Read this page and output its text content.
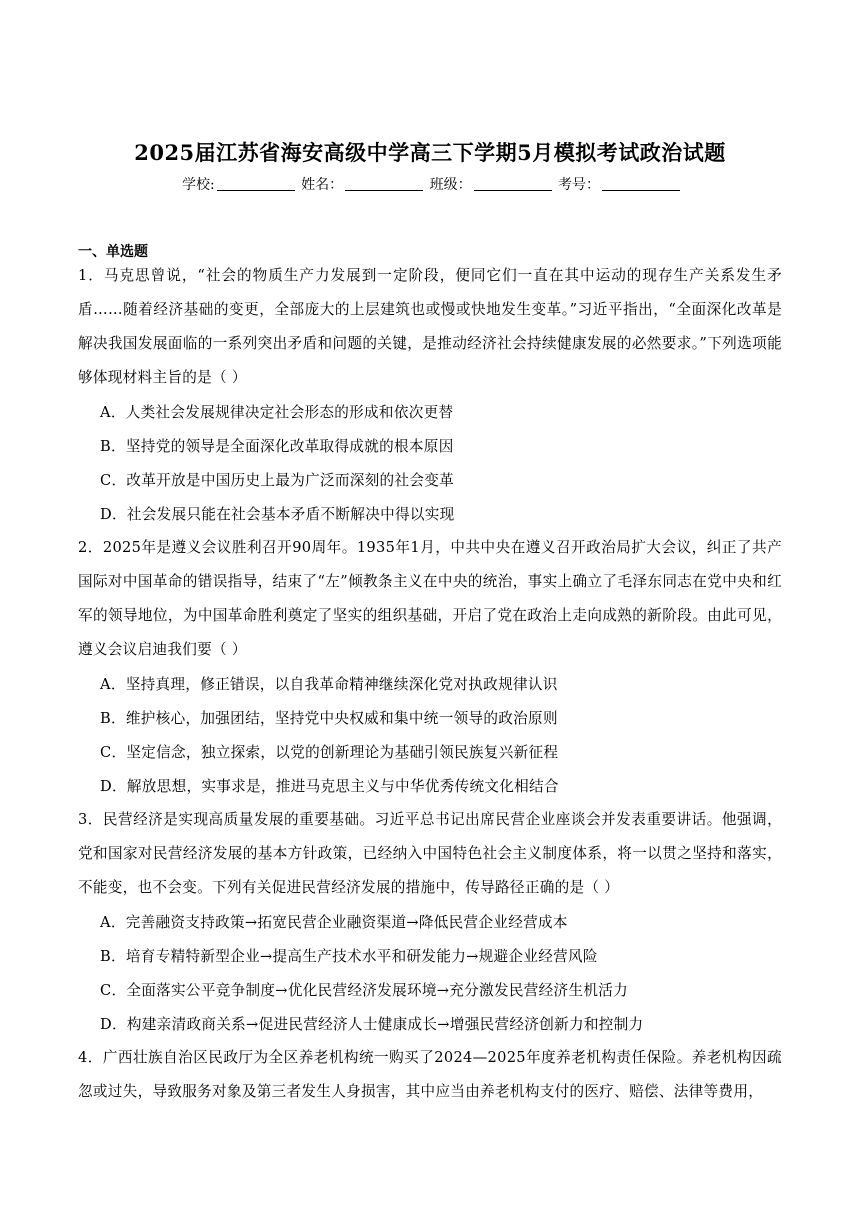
2025届江苏省海安高级中学高三下学期5月模拟考试政治试题
学校:	姓名：	班级：	考号：
一、单选题
1．马克思曾说，“社会的物质生产力发展到一定阶段，便同它们一直在其中运动的现存生产关系发生矛盾……随着经济基础的变更，全部庞大的上层建筑也或慢或快地发生变革。”习近平指出，“全面深化改革是解决我国发展面临的一系列突出矛盾和问题的关键，是推动经济社会持续健康发展的必然要求。”下列选项能够体现材料主旨的是（ ）
A．人类社会发展规律决定社会形态的形成和依次更替
B．坚持党的领导是全面深化改革取得成就的根本原因
C．改革开放是中国历史上最为广泛而深刻的社会变革
D．社会发展只能在社会基本矛盾不断解决中得以实现
2．2025年是遵义会议胜利召开90周年。1935年1月，中共中央在遵义召开政治局扩大会议，纠正了共产国际对中国革命的错误指导，结束了“左”倾教条主义在中央的统治，事实上确立了毛泽东同志在党中央和红军的领导地位，为中国革命胜利奠定了坚实的组织基础，开启了党在政治上走向成熟的新阶段。由此可见，遵义会议启迪我们要（ ）
A．坚持真理，修正错误，以自我革命精神继续深化党对执政规律认识
B．维护核心，加强团结，坚持党中央权威和集中统一领导的政治原则
C．坚定信念，独立探索，以党的创新理论为基础引领民族复兴新征程
D．解放思想，实事求是，推进马克思主义与中华优秀传统文化相结合
3．民营经济是实现高质量发展的重要基础。习近平总书记出席民营企业座谈会并发表重要讲话。他强调，党和国家对民营经济发展的基本方针政策，已经纳入中国特色社会主义制度体系，将一以贯之坚持和落实，不能变，也不会变。下列有关促进民营经济发展的措施中，传导路径正确的是（ ）
A．完善融资支持政策→拓宽民营企业融资渠道→降低民营企业经营成本
B．培育专精特新型企业→提高生产技术水平和研发能力→规避企业经营风险
C．全面落实公平竞争制度→优化民营经济发展环境→充分激发民营经济生机活力
D．构建亲清政商关系→促进民营经济人士健康成长→增强民营经济创新力和控制力
4．广西壮族自治区民政厅为全区养老机构统一购买了2024—2025年度养老机构责任保险。养老机构因疏忽或过失，导致服务对象及第三者发生人身损害，其中应当由养老机构支付的医疗、赔偿、法律等费用，
